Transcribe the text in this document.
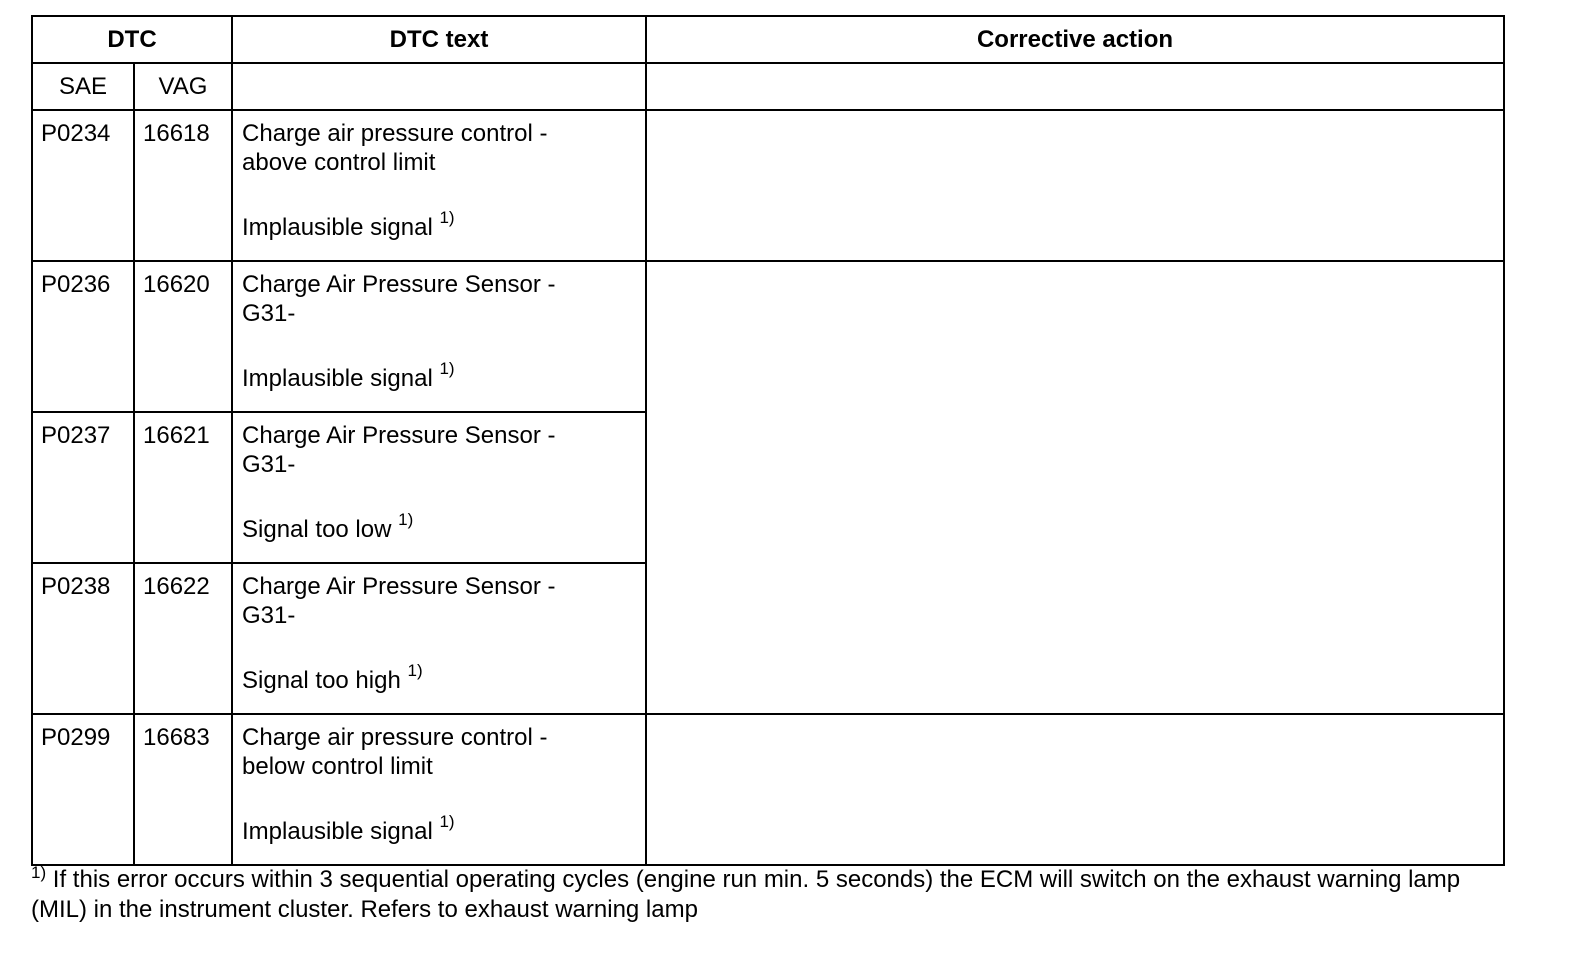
DTC		DTC text	Corrective action
SAE	VAG		
P0234	16618	Charge air pressure control -
above control limit
Implausible signal $^{1)}$

P0236	16620	Charge Air Pressure Sensor -
G31-
Implausible signal $^{1)}$

P0237	16621	Charge Air Pressure Sensor -
G31-
Signal too low $^{1)}$

P0238	16622	Charge Air Pressure Sensor -
G31-
Signal too high $^{1)}$

P0299	16683	Charge air pressure control -
below control limit
Implausible signal $^{1)}$

$^{1)}$ If this error occurs within 3 sequential operating cycles (engine run min. 5 seconds) the ECM will switch on the exhaust warning lamp (MIL) in the instrument cluster. Refers to exhaust warning lamp
